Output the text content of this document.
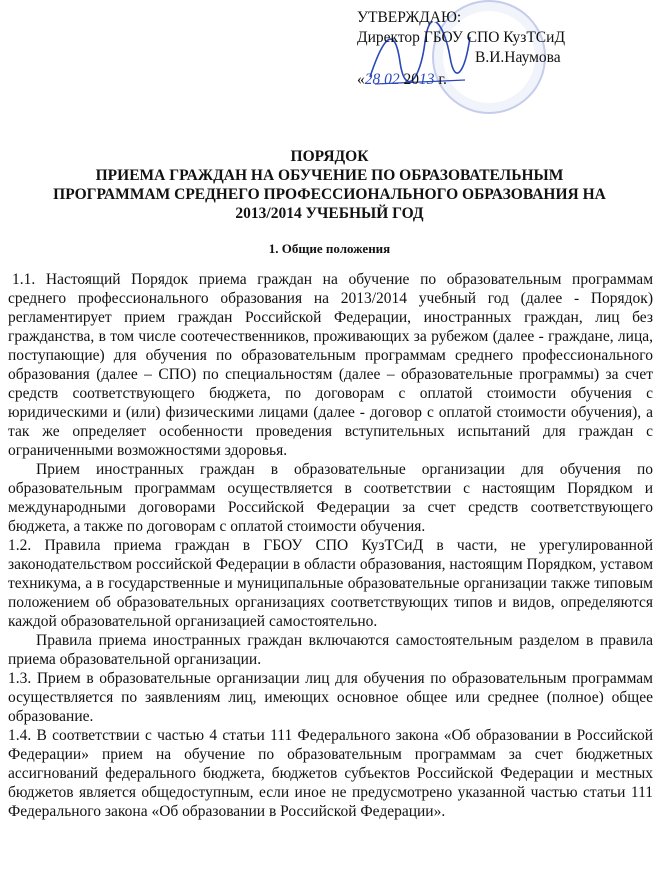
УТВЕРЖДАЮ:
Директор ГБОУ СПО КузТСиД
В.И.Наумова
«28 02 2013 г.
ПОРЯДОК
ПРИЕМА ГРАЖДАН НА ОБУЧЕНИЕ ПО ОБРАЗОВАТЕЛЬНЫМ
ПРОГРАММАМ СРЕДНЕГО ПРОФЕССИОНАЛЬНОГО ОБРАЗОВАНИЯ НА
2013/2014 УЧЕБНЫЙ ГОД
1. Общие положения

1.1. Настоящий Порядок приема граждан на обучение по образовательным программам среднего профессионального образования на 2013/2014 учебный год (далее - Порядок) регламентирует прием граждан Российской Федерации, иностранных граждан, лиц без гражданства, в том числе соотечественников, проживающих за рубежом (далее - граждане, лица, поступающие) для обучения по образовательным программам среднего профессионального образования (далее – СПО) по специальностям (далее – образовательные программы) за счет средств соответствующего бюджета, по договорам с оплатой стоимости обучения с юридическими и (или) физическими лицами (далее - договор с оплатой стоимости обучения), а так же определяет особенности проведения вступительных испытаний для граждан с ограниченными возможностями здоровья.

Прием иностранных граждан в образовательные организации для обучения по образовательным программам осуществляется в соответствии с настоящим Порядком и международными договорами Российской Федерации за счет средств соответствующего бюджета, а также по договорам с оплатой стоимости обучения.

1.2. Правила приема граждан в ГБОУ СПО КузТСиД в части, не урегулированной законодательством российской Федерации в области образования, настоящим Порядком, уставом техникума, а в государственные и муниципальные образовательные организации также типовым положением об образовательных организациях соответствующих типов и видов, определяются каждой образовательной организацией самостоятельно.

Правила приема иностранных граждан включаются самостоятельным разделом в правила приема образовательной организации.

1.3. Прием в образовательные организации лиц для обучения по образовательным программам осуществляется по заявлениям лиц, имеющих основное общее или среднее (полное) общее образование.

1.4. В соответствии с частью 4 статьи 111 Федерального закона «Об образовании в Российской Федерации» прием на обучение по образовательным программам за счет бюджетных ассигнований федерального бюджета, бюджетов субъектов Российской Федерации и местных бюджетов является общедоступным, если иное не предусмотрено указанной частью статьи 111 Федерального закона «Об образовании в Российской Федерации».
